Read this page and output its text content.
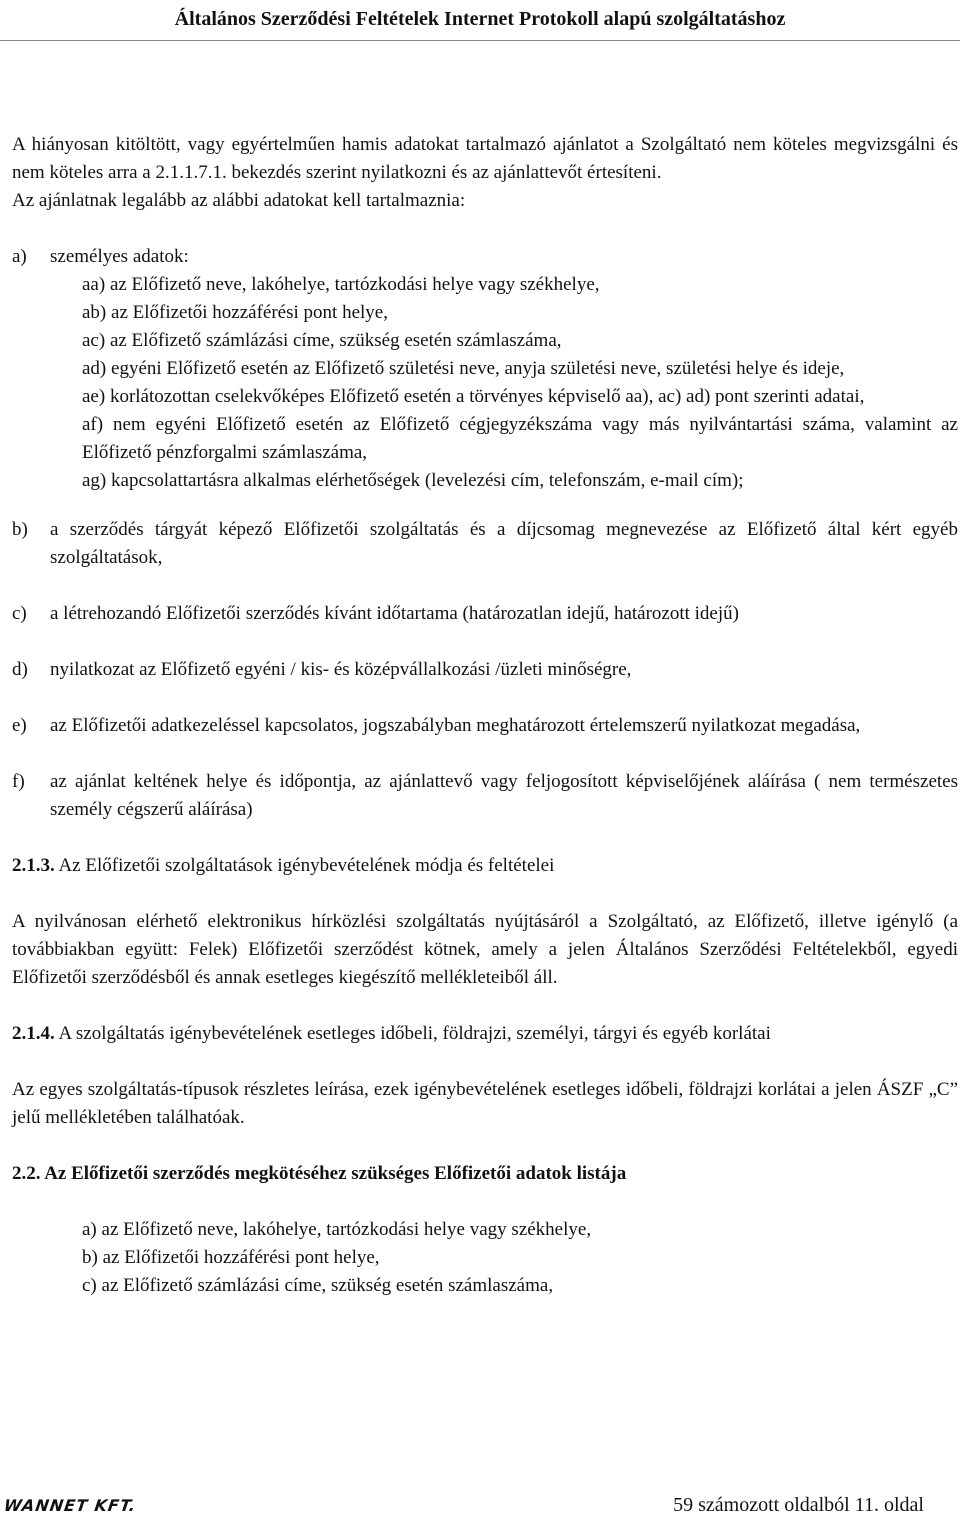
Általános Szerződési Feltételek Internet Protokoll alapú szolgáltatáshoz

A hiányosan kitöltött, vagy egyértelműen hamis adatokat tartalmazó ajánlatot a Szolgáltató nem köteles megvizsgálni és nem köteles arra a 2.1.1.7.1. bekezdés szerint nyilatkozni és az ajánlattevőt értesíteni.

Az ajánlatnak legalább az alábbi adatokat kell tartalmaznia:

a) személyes adatok:
aa) az Előfizető neve, lakóhelye, tartózkodási helye vagy székhelye,
ab) az Előfizetői hozzáférési pont helye,
ac) az Előfizető számlázási címe, szükség esetén számlaszáma,
ad) egyéni Előfizető esetén az Előfizető születési neve, anyja születési neve, születési helye és ideje,
ae) korlátozottan cselekvőképes Előfizető esetén a törvényes képviselő aa), ac) ad) pont szerinti adatai,
af) nem egyéni Előfizető esetén az Előfizető cégjegyzékszáma vagy más nyilvántartási száma, valamint az Előfizető pénzforgalmi számlaszáma,
ag) kapcsolattartásra alkalmas elérhetőségek (levelezési cím, telefonszám, e-mail cím);
b) a szerződés tárgyát képező Előfizetői szolgáltatás és a díjcsomag megnevezése az Előfizető által kért egyéb szolgáltatások,
c) a létrehozandó Előfizetői szerződés kívánt időtartama (határozatlan idejű, határozott idejű)
d) nyilatkozat az Előfizető egyéni / kis- és középvállalkozási /üzleti minőségre,
e) az Előfizetői adatkezeléssel kapcsolatos, jogszabályban meghatározott értelemszerű nyilatkozat megadása,
f) az ajánlat keltének helye és időpontja, az ajánlattevő vagy feljogosított képviselőjének aláírása ( nem természetes személy cégszerű aláírása)

2.1.3. Az Előfizetői szolgáltatások igénybevételének módja és feltételei

A nyilvánosan elérhető elektronikus hírközlési szolgáltatás nyújtásáról a Szolgáltató, az Előfizető, illetve igénylő (a továbbiakban együtt: Felek) Előfizetői szerződést kötnek, amely a jelen Általános Szerződési Feltételekből, egyedi Előfizetői szerződésből és annak esetleges kiegészítő mellékleteiből áll.

2.1.4. A szolgáltatás igénybevételének esetleges időbeli, földrajzi, személyi, tárgyi és egyéb korlátai

Az egyes szolgáltatás-típusok részletes leírása, ezek igénybevételének esetleges időbeli, földrajzi korlátai a jelen ÁSZF „C” jelű mellékletében találhatóak.

2.2. Az Előfizetői szerződés megkötéséhez szükséges Előfizetői adatok listája

a) az Előfizető neve, lakóhelye, tartózkodási helye vagy székhelye,
b) az Előfizetői hozzáférési pont helye,
c) az Előfizető számlázási címe, szükség esetén számlaszáma,
WANNET KFT.	59 számozott oldalból 11. oldal
